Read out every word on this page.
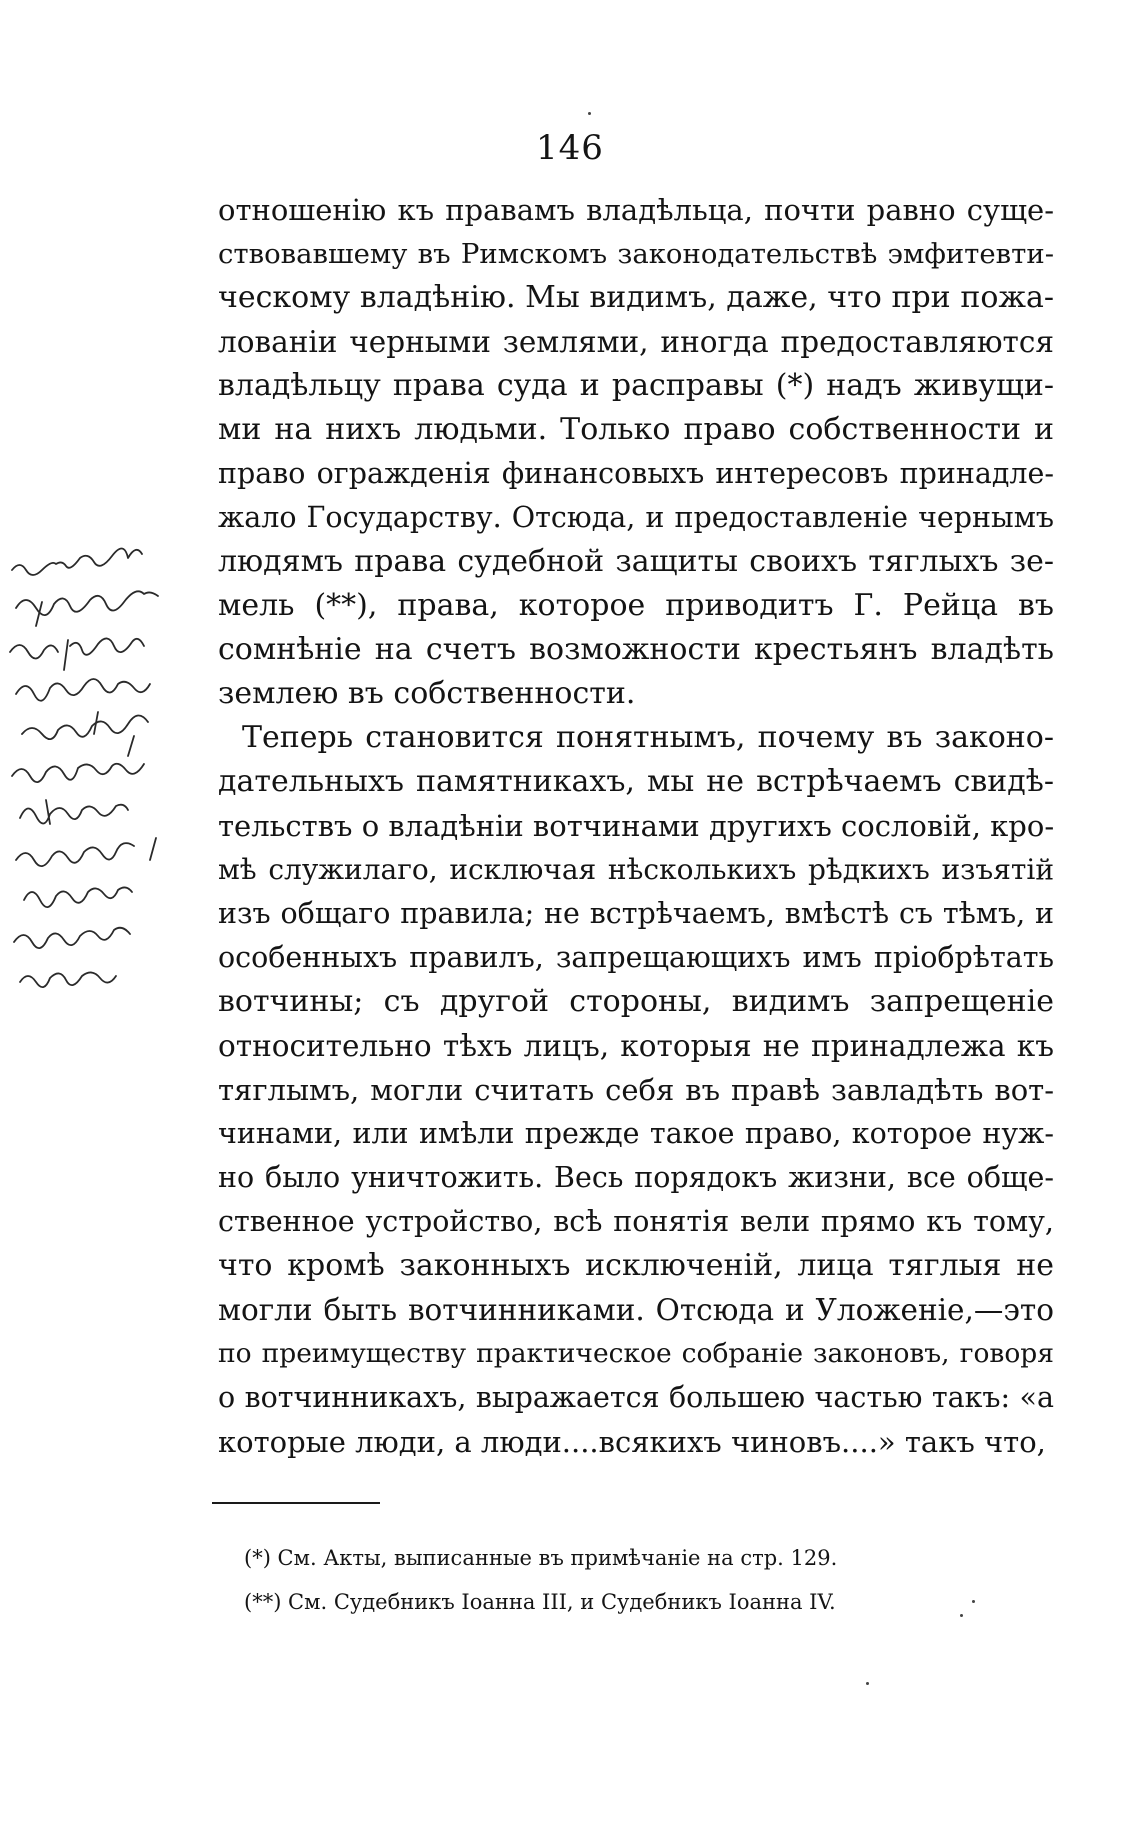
146
отношенію къ правамъ владѣльца, почти равно суще-
ствовавшему въ Римскомъ законодательствѣ эмфитевти-
ческому владѣнію. Мы видимъ, даже, что при пожа-
лованіи черными землями, иногда предоставляются
владѣльцу права суда и расправы (*) надъ живущи-
ми на нихъ людьми. Только право собственности и
право огражденія финансовыхъ интересовъ принадле-
жало Государству. Отсюда, и предоставленіе чернымъ
людямъ права судебной защиты своихъ тяглыхъ зе-
мель (**), права, которое приводитъ Г. Рейца въ
сомнѣніе на счетъ возможности крестьянъ владѣть
землею въ собственности.
Теперь становится понятнымъ, почему въ законо-
дательныхъ памятникахъ, мы не встрѣчаемъ свидѣ-
тельствъ о владѣніи вотчинами другихъ сословій, кро-
мѣ служилаго, исключая нѣсколькихъ рѣдкихъ изъятій
изъ общаго правила; не встрѣчаемъ, вмѣстѣ съ тѣмъ, и
особенныхъ правилъ, запрещающихъ имъ пріобрѣтать
вотчины; съ другой стороны, видимъ запрещеніе
относительно тѣхъ лицъ, которыя не принадлежа къ
тяглымъ, могли считать себя въ правѣ завладѣть вот-
чинами, или имѣли прежде такое право, которое нуж-
но было уничтожить. Весь порядокъ жизни, все обще-
ственное устройство, всѣ понятія вели прямо къ тому,
что кромѣ законныхъ исключеній, лица тяглыя не
могли быть вотчинниками. Отсюда и Уложеніе,—это
по преимуществу практическое собраніе законовъ, говоря
о вотчинникахъ, выражается большею частью такъ: «а
которые люди, а люди....всякихъ чиновъ....» такъ что,
(*) См. Акты, выписанные въ примѣчаніе на стр. 129.
(**) См. Судебникъ Іоанна III, и Судебникъ Іоанна IV.
